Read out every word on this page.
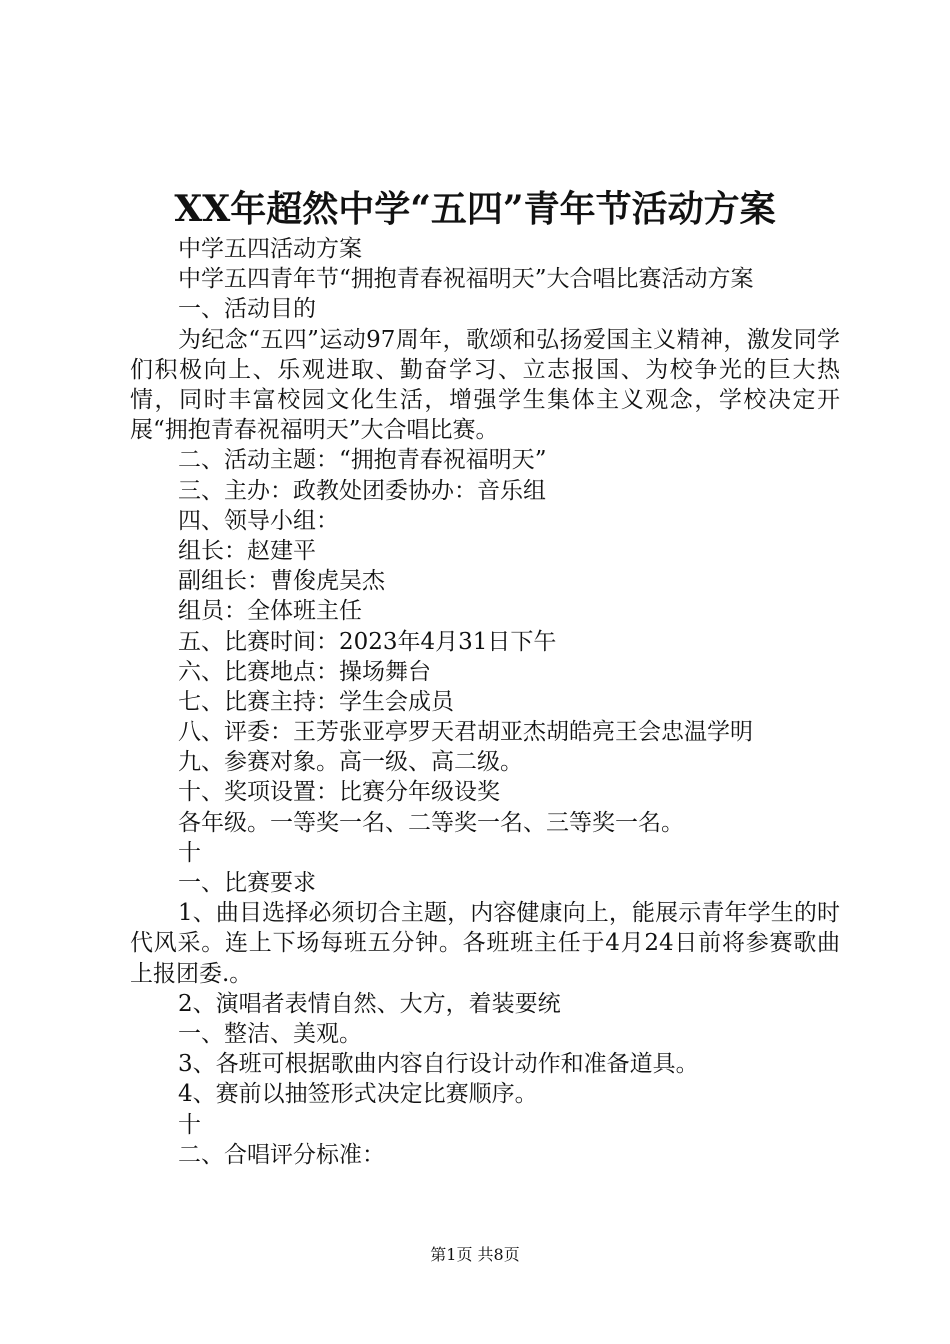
XX年超然中学“五四”青年节活动方案
中学五四活动方案
中学五四青年节“拥抱青春祝福明天”大合唱比赛活动方案
一、活动目的
为纪念“五四”运动97周年，歌颂和弘扬爱国主义精神，激发同学们积极向上、乐观进取、勤奋学习、立志报国、为校争光的巨大热情，同时丰富校园文化生活，增强学生集体主义观念，学校决定开展“拥抱青春祝福明天”大合唱比赛。
二、活动主题：“拥抱青春祝福明天”
三、主办：政教处团委协办：音乐组
四、领导小组：
组长：赵建平
副组长：曹俊虎吴杰
组员：全体班主任
五、比赛时间：2023年4月31日下午
六、比赛地点：操场舞台
七、比赛主持：学生会成员
八、评委：王芳张亚亭罗天君胡亚杰胡皓亮王会忠温学明
九、参赛对象。高一级、高二级。
十、奖项设置：比赛分年级设奖
各年级。一等奖一名、二等奖一名、三等奖一名。
十
一、比赛要求
1、曲目选择必须切合主题，内容健康向上，能展示青年学生的时代风采。连上下场每班五分钟。各班班主任于4月24日前将参赛歌曲上报团委.。
2、演唱者表情自然、大方，着装要统
一、整洁、美观。
3、各班可根据歌曲内容自行设计动作和准备道具。
4、赛前以抽签形式决定比赛顺序。
十
二、合唱评分标准：
第1页 共8页
